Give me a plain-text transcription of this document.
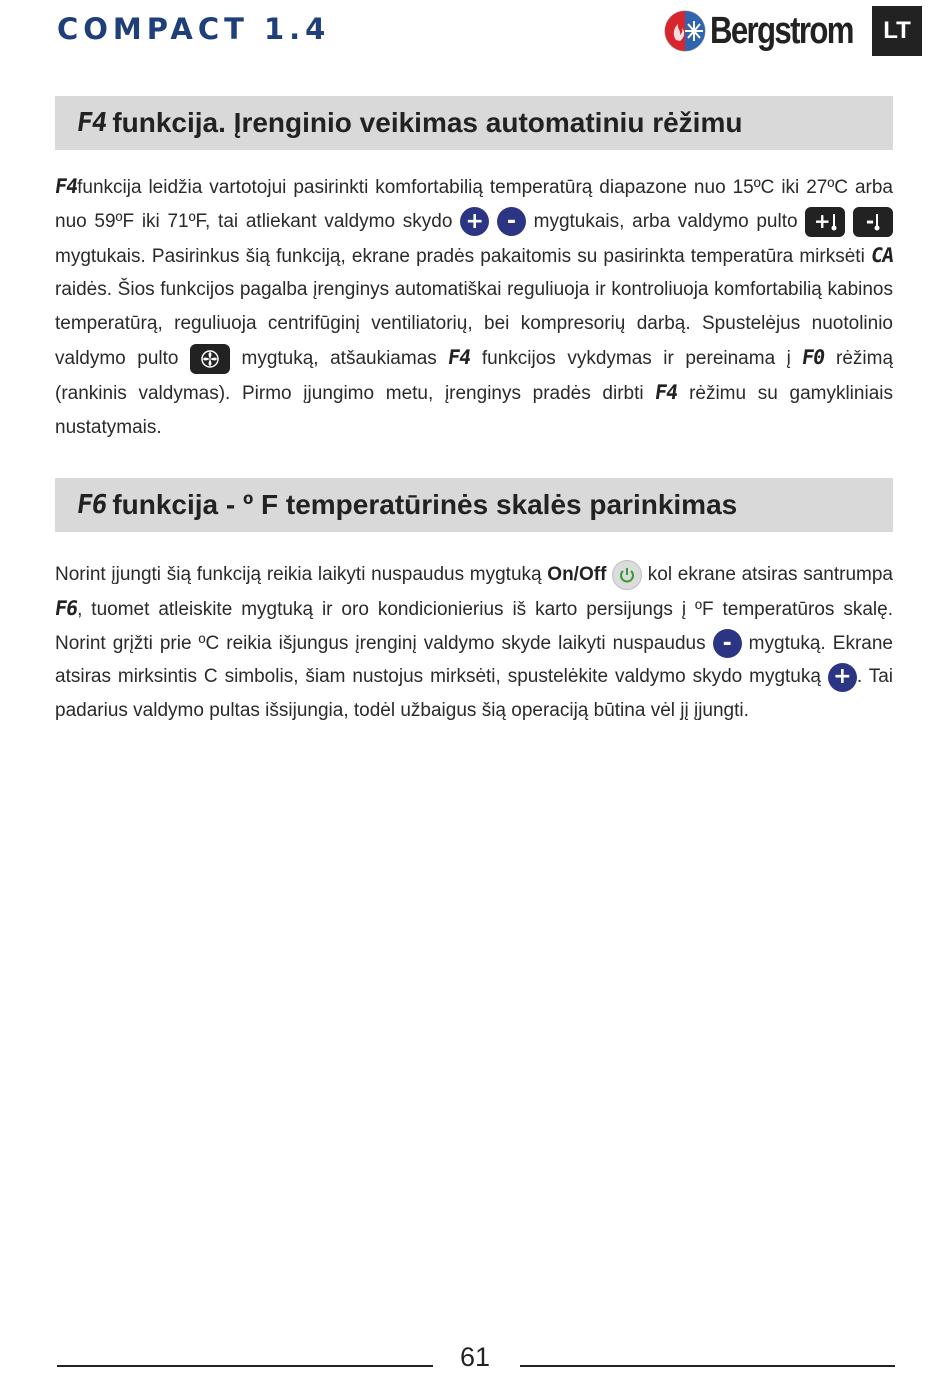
COMPACT 1.4	Bergstrom	LT
F4 funkcija. Įrenginio veikimas automatiniu rėžimu
F4funkcija leidžia vartotojui pasirinkti komfortabilią temperatūrą diapazone nuo 15ºC iki 27ºC arba nuo 59ºF iki 71ºF, tai atliekant valdymo skydo + - mygtukais, arba valdymo pulto +
-
mygtukais. Pasirinkus šią funkciją, ekrane pradės pakaitomis su pasirinkta temperatūra mirksėti CA raidės. Šios funkcijos pagalba įrenginys automatiškai reguliuoja ir kontroliuoja komfortabilią kabinos temperatūrą, reguliuoja centrifūginį ventiliatorių, bei kompresorių darbą. Spustelėjus nuotolinio valdymo pulto
mygtuką, atšaukiamas F4 funkcijos vykdymas ir pereinama į F0 rėžimą (rankinis valdymas). Pirmo įjungimo metu, įrenginys pradės dirbti F4 rėžimu su gamykliniais nustatymais.
F6 funkcija - º F temperatūrinės skalės parinkimas
Norint įjungti šią funkciją reikia laikyti nuspaudus mygtuką On/Off
kol ekrane atsiras santrumpa F6, tuomet atleiskite mygtuką ir oro kondicionierius iš karto persijungs į ºF temperatūros skalę. Norint grįžti prie ºC reikia išjungus įrenginį valdymo skyde laikyti nuspaudus - mygtuką. Ekrane atsiras mirksintis C simbolis, šiam nustojus mirksėti, spustelėkite valdymo skydo mygtuką + . Tai padarius valdymo pultas išsijungia, todėl užbaigus šią operaciją būtina vėl jį įjungti.
61
